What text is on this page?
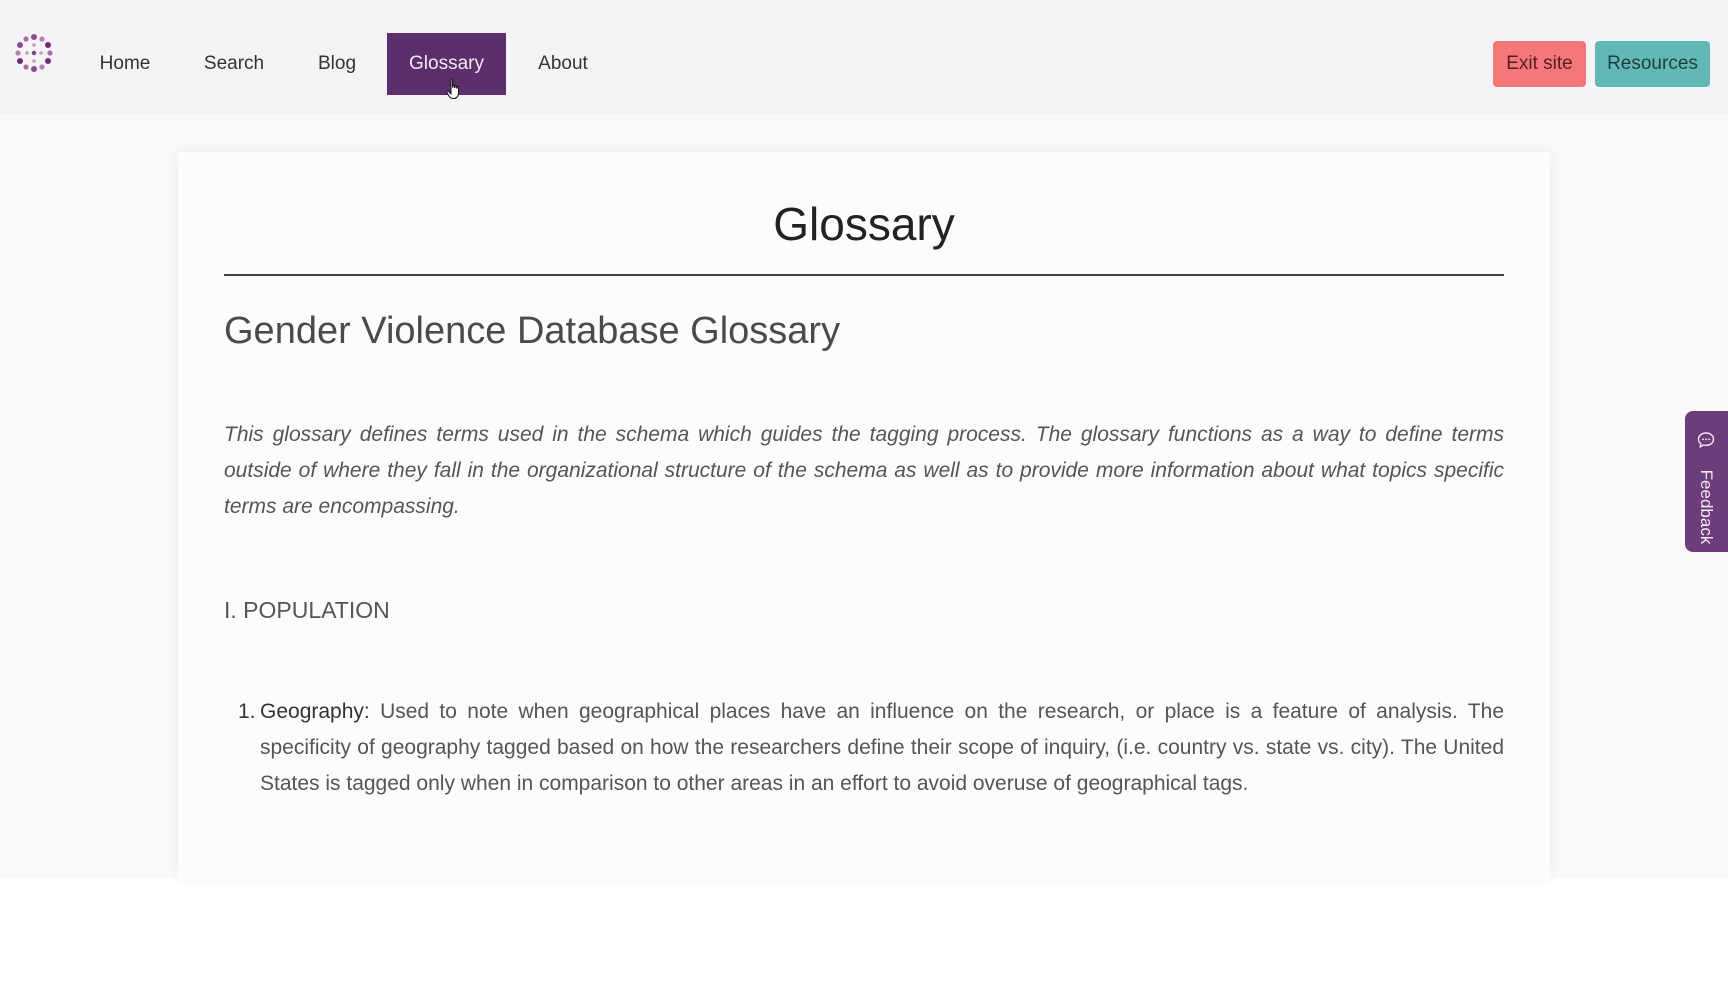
Home	Search	Blog	Glossary	About	Exit site	Resources
Glossary
Gender Violence Database Glossary
This glossary defines terms used in the schema which guides the tagging process. The glossary functions as a way to define terms outside of where they fall in the organizational structure of the schema as well as to provide more information about what topics specific terms are encompassing.
I. POPULATION
1. Geography: Used to note when geographical places have an influence on the research, or place is a feature of analysis. The specificity of geography tagged based on how the researchers define their scope of inquiry, (i.e. country vs. state vs. city). The United States is tagged only when in comparison to other areas in an effort to avoid overuse of geographical tags.
Feedback
